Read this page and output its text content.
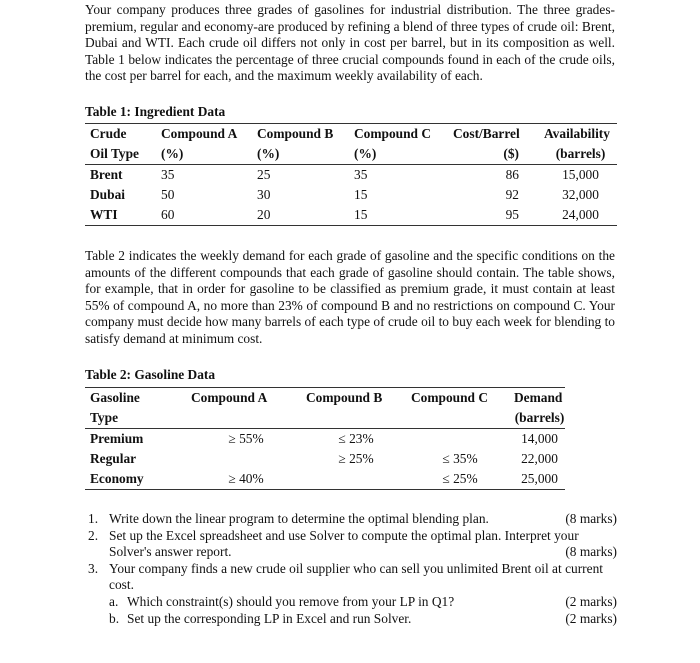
Your company produces three grades of gasolines for industrial distribution. The three grades-premium, regular and economy-are produced by refining a blend of three types of crude oil: Brent, Dubai and WTI. Each crude oil differs not only in cost per barrel, but in its composition as well. Table 1 below indicates the percentage of three crucial compounds found in each of the crude oils, the cost per barrel for each, and the maximum weekly availability of each.

Table 1: Ingredient Data

Crude	Compound A	Compound B	Compound C	Cost/Barrel	Availability
Oil Type	(%)	(%)	(%)	($)	(barrels)
Brent	35	25	35	86	15,000
Dubai	50	30	15	92	32,000
WTI	60	20	15	95	24,000

Table 2 indicates the weekly demand for each grade of gasoline and the specific conditions on the amounts of the different compounds that each grade of gasoline should contain. The table shows, for example, that in order for gasoline to be classified as premium grade, it must contain at least 55% of compound A, no more than 23% of compound B and no restrictions on compound C. Your company must decide how many barrels of each type of crude oil to buy each week for blending to satisfy demand at minimum cost.

Table 2: Gasoline Data

Gasoline	Compound A	Compound B	Compound C	Demand
Type				(barrels)
Premium	≥ 55%	≤ 23%		14,000
Regular		≥ 25%	≤ 35%	22,000
Economy	≥ 40%		≤ 25%	25,000
1.	(8 marks)
Write down the linear program to determine the optimal blending plan.
2. Set up the Excel spreadsheet and use Solver to compute the optimal plan. Interpret your Solver's answer report.	(8 marks)
3. Your company finds a new crude oil supplier who can sell you unlimited Brent oil at current cost.
a.	(2 marks)
Which constraint(s) should you remove from your LP in Q1?
b.	(2 marks)
Set up the corresponding LP in Excel and run Solver.
